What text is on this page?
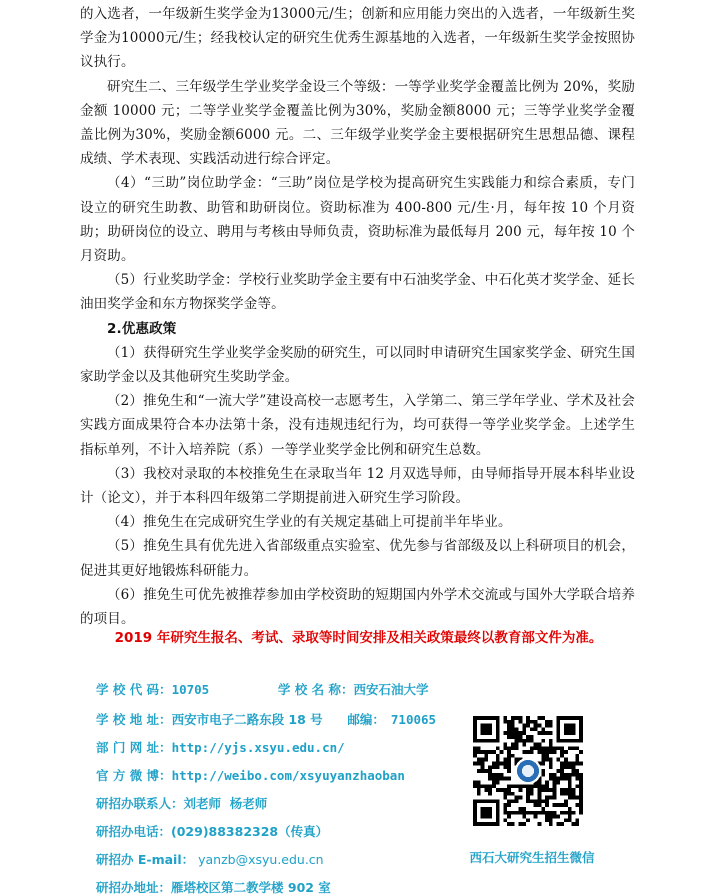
的入选者，一年级新生奖学金为13000元/生；创新和应用能力突出的入选者，一年级新生奖学金为10000元/生；经我校认定的研究生优秀生源基地的入选者，一年级新生奖学金按照协议执行。

研究生二、三年级学生学业奖学金设三个等级：一等学业奖学金覆盖比例为 20%，奖励金额 10000 元；二等学业奖学金覆盖比例为30%，奖励金额8000 元；三等学业奖学金覆盖比例为30%，奖励金额6000 元。二、三年级学业奖学金主要根据研究生思想品德、课程成绩、学术表现、实践活动进行综合评定。

（4）“三助”岗位助学金：“三助”岗位是学校为提高研究生实践能力和综合素质，专门设立的研究生助教、助管和助研岗位。资助标准为 400-800 元/生·月，每年按 10 个月资助；助研岗位的设立、聘用与考核由导师负责，资助标准为最低每月 200 元，每年按 10 个月资助。

（5）行业奖助学金：学校行业奖助学金主要有中石油奖学金、中石化英才奖学金、延长油田奖学金和东方物探奖学金等。

2.优惠政策

（1）获得研究生学业奖学金奖励的研究生，可以同时申请研究生国家奖学金、研究生国家助学金以及其他研究生奖助学金。

（2）推免生和“一流大学”建设高校一志愿考生，入学第二、第三学年学业、学术及社会实践方面成果符合本办法第十条，没有违规违纪行为，均可获得一等学业奖学金。上述学生指标单列，不计入培养院（系）一等学业奖学金比例和研究生总数。

（3）我校对录取的本校推免生在录取当年 12 月双选导师，由导师指导开展本科毕业设计（论文），并于本科四年级第二学期提前进入研究生学习阶段。

（4）推免生在完成研究生学业的有关规定基础上可提前半年毕业。

（5）推免生具有优先进入省部级重点实验室、优先参与省部级及以上科研项目的机会，促进其更好地锻炼科研能力。

（6）推免生可优先被推荐参加由学校资助的短期国内外学术交流或与国外大学联合培养的项目。

2019 年研究生报名、考试、录取等时间安排及相关政策最终以教育部文件为准。
学 校 代 码：10705	学 校 名 称：西安石油大学
学 校 地 址：西安市电子二路东段 18 号 邮编： 710065
部 门 网 址：http://yjs.xsyu.edu.cn/
官 方 微 博：http://weibo.com/xsyuyanzhaoban
研招办联系人：刘老师  杨老师
研招办电话：(029)88382328（传真）
研招办 E-mail： yanzb@xsyu.edu.cn
研招办地址：雁塔校区第二教学楼 902 室
西石大研究生招生微信
